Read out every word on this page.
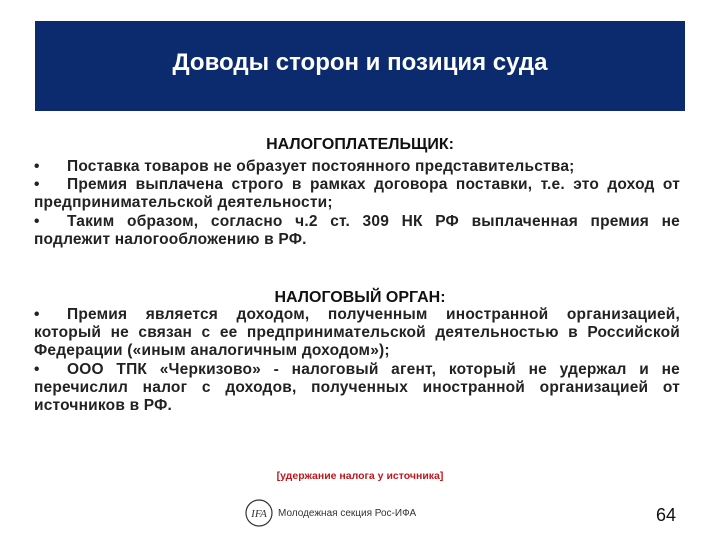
Доводы сторон и позиция суда
НАЛОГОПЛАТЕЛЬЩИК:

• Поставка товаров не образует постоянного представительства;

• Премия выплачена строго в рамках договора поставки, т.е. это доход от предпринимательской деятельности;

• Таким образом, согласно ч.2 ст. 309 НК РФ выплаченная премия не подлежит налогообложению в РФ.

НАЛОГОВЫЙ ОРГАН:

• Премия является доходом, полученным иностранной организацией, который не связан с ее предпринимательской деятельностью в Российской Федерации («иным аналогичным доходом»);

• ООО ТПК «Черкизово» - налоговый агент, который не удержал и не перечислил налог с доходов, полученных иностранной организацией от источников в РФ.

[удержание налога у источника]
IFA Молодежная секция Рос-ИФА	64
